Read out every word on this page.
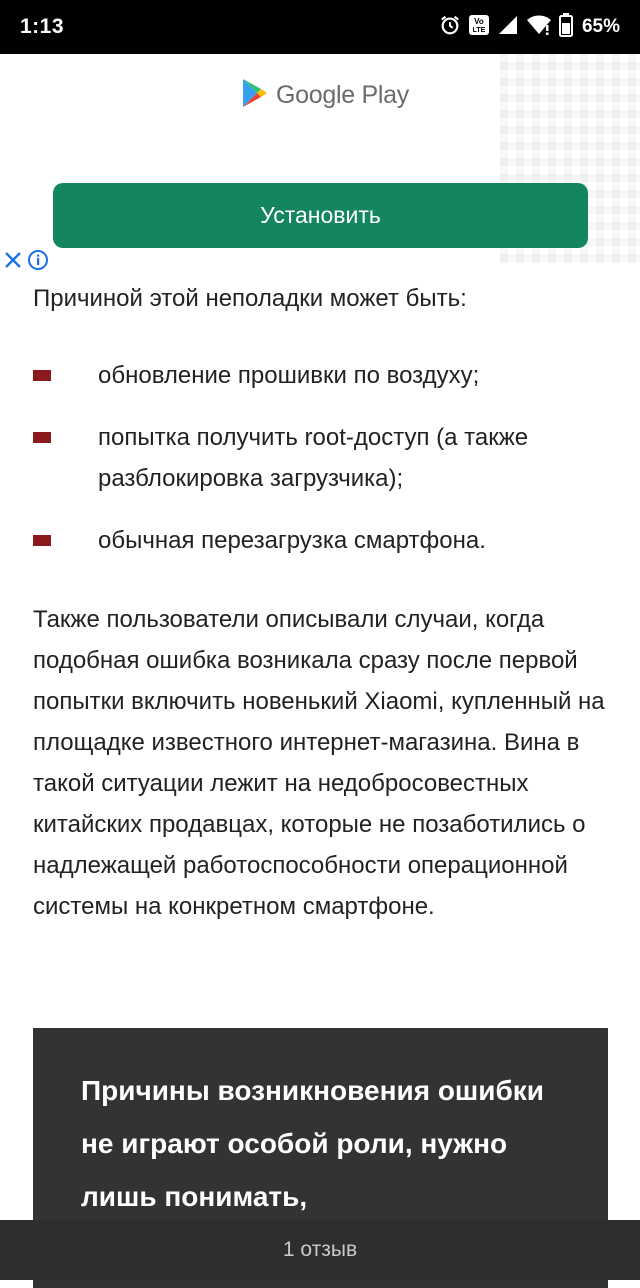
1:13	Vo
LTE	65%
Google Play
Установить

Причиной этой неполадки может быть:

обновление прошивки по воздуху;
попытка получить root-доступ (а также разблокировка загрузчика);
обычная перезагрузка смартфона.

Также пользователи описывали случаи, когда подобная ошибка возникала сразу после первой попытки включить новенький Xiaomi, купленный на площадке известного интернет-магазина. Вина в такой ситуации лежит на недобросовестных китайских продавцах, которые не позаботились о надлежащей работоспособности операционной системы на конкретном смартфоне.

Причины возникновения ошибки не играют особой роли, нужно лишь понимать,

1 отзыв
